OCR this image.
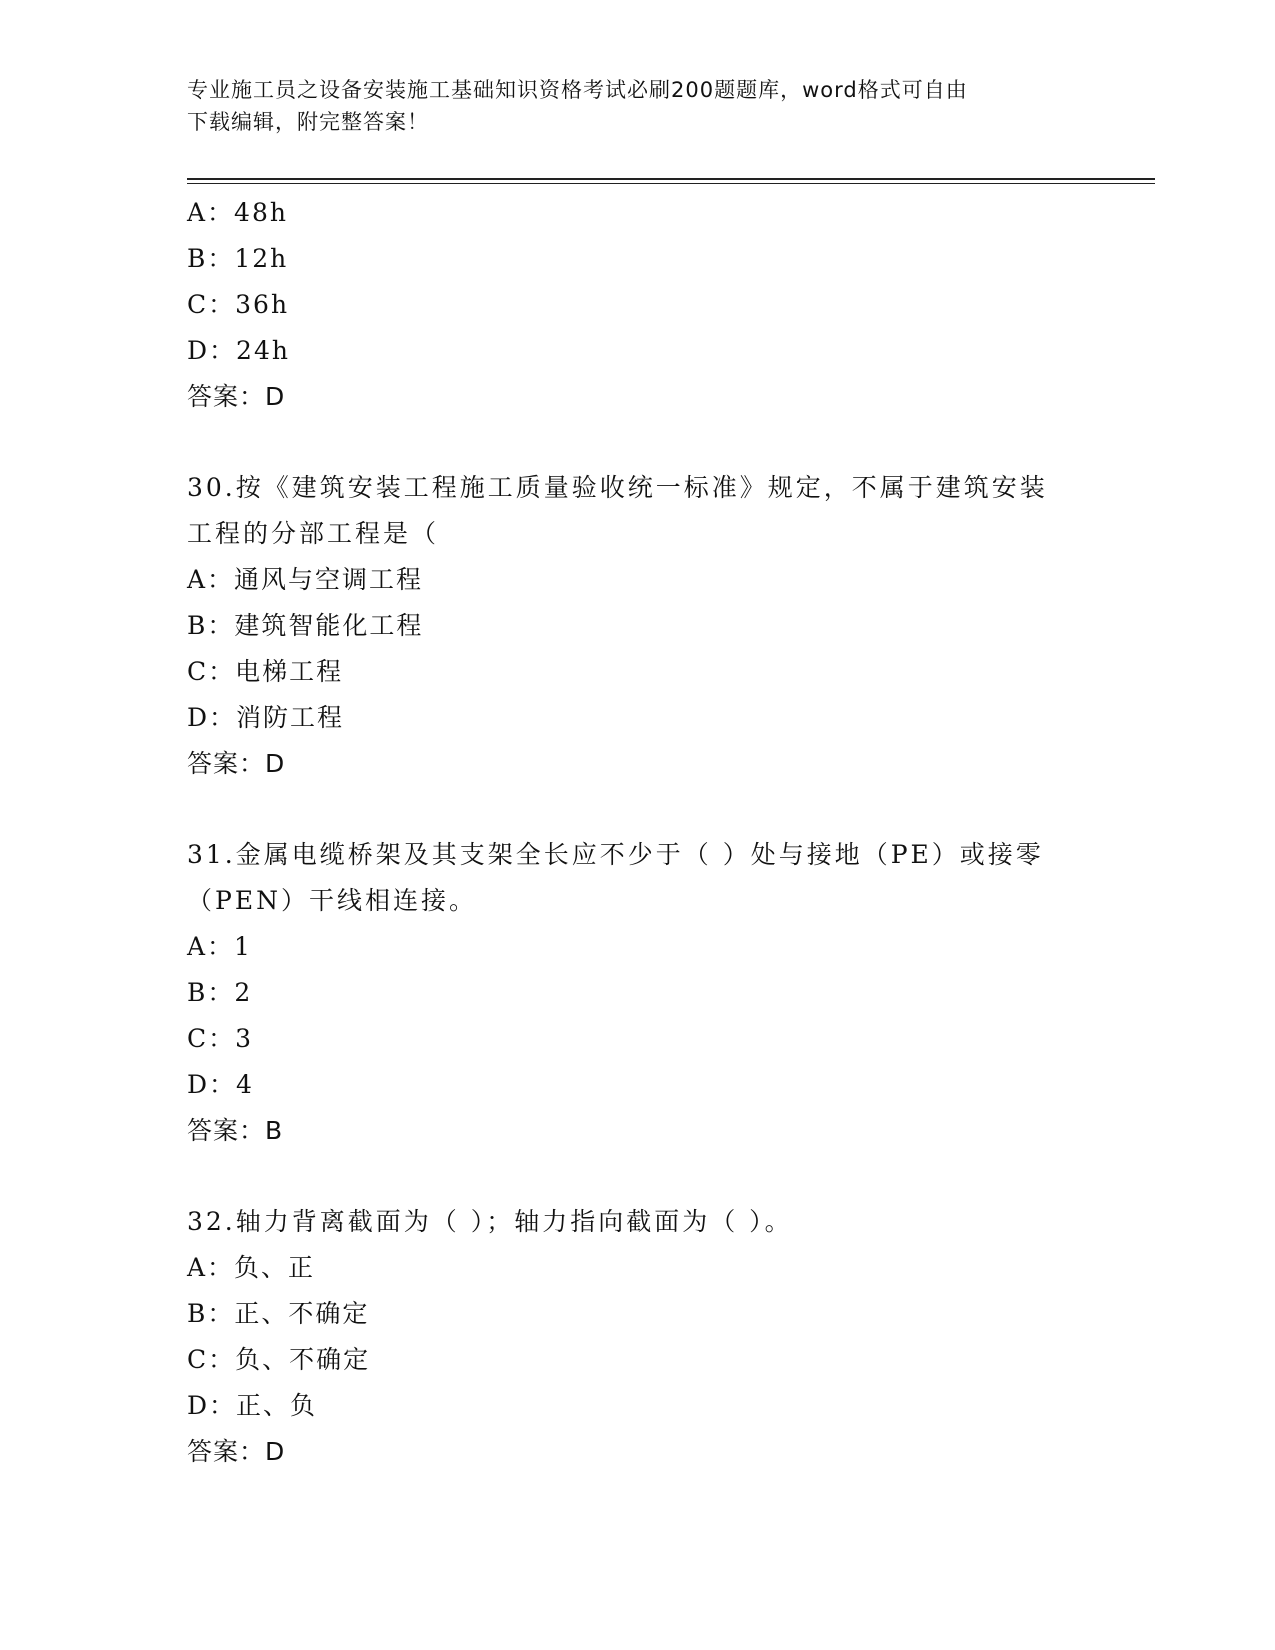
专业施工员之设备安装施工基础知识资格考试必刷200题题库，word格式可自由
下载编辑，附完整答案！
A：48h
B：12h
C：36h
D：24h
答案：D
30.按《建筑安装工程施工质量验收统一标准》规定，不属于建筑安装
工程的分部工程是（
A：通风与空调工程
B：建筑智能化工程
C：电梯工程
D：消防工程
答案：D
31.金属电缆桥架及其支架全长应不少于（ ）处与接地（PE）或接零
（PEN）干线相连接。
A：1
B：2
C：3
D：4
答案：B
32.轴力背离截面为（ ）；轴力指向截面为（ ）。
A：负、正
B：正、不确定
C：负、不确定
D：正、负
答案：D
